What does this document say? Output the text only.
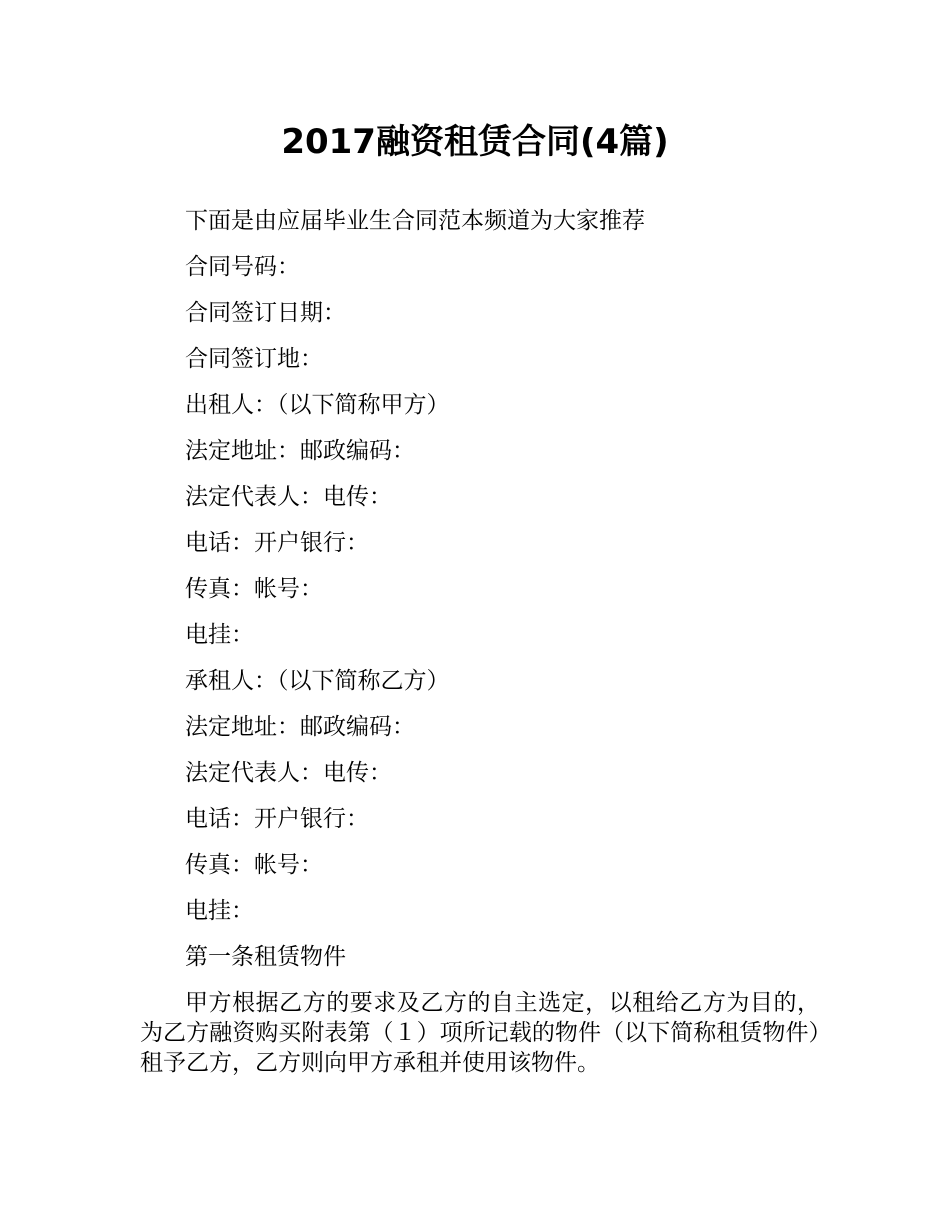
2017融资租赁合同(4篇)
下面是由应届毕业生合同范本频道为大家推荐
合同号码：
合同签订日期：
合同签订地：
出租人：（以下简称甲方）
法定地址：邮政编码：
法定代表人：电传：
电话：开户银行：
传真：帐号：
电挂：
承租人：（以下简称乙方）
法定地址：邮政编码：
法定代表人：电传：
电话：开户银行：
传真：帐号：
电挂：
第一条租赁物件
甲方根据乙方的要求及乙方的自主选定，以租给乙方为目的，为乙方融资购买附表第（１）项所记载的物件（以下简称租赁物件）租予乙方，乙方则向甲方承租并使用该物件。
